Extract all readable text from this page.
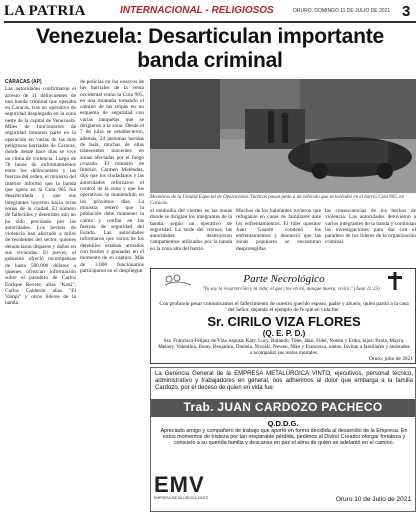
LA PATRIA	INTERNACIONAL - RELIGIOSOS	ORURO, DOMINGO 11 DE JULIO DE 2021 3
Venezuela: Desarticulan importante banda criminal
CARACAS (AP)
Las autoridades confirmaron el arresto de 11 delincuentes de una banda criminal que operaba en Caracas, tras un operativo de seguridad desplegado en la zona oeste de la capital de Venezuela. Miles de funcionarios de seguridad tomaron parte en la operación en varias de las más peligrosas barriadas de Caracas, donde desde hace días se vive un clima de violencia. Luego de 78 horas de enfrentamientos entre los delincuentes y las fuerzas del orden, el ministro del Interior informó que la banda que opera en la Cota 905 fue desarticulada y que sus integrantes huyeron hacia otras zonas de la ciudad. El número de fallecidos y detenidos aún no ha sido precisado por las autoridades. Los hechos de violencia han afectado a miles de residentes del sector, quienes denunciaron disparos y daños en sus viviendas. El jueves, el gobierno ofreció recompensas de hasta 500.000 dólares a quienes ofrezcan información sobre el paradero de Carlos Enrique Revete, alias "Koki", Carlos Calderón alias "El Vampi" y otros líderes de la banda.
de policías en los ensayos de los barriales de la venta occidental como la Cota 905, en una montaña tomando el camino de las tropas en un esquema de seguridad con varias tanquetas que se dirigieron a la zona. Desde el 7 de julio se establecieron, además, 24 personas heridas de bala, muchas de ellas transeúntes inocentes en zonas afectadas por el fuego cruzado. El ministro de Interior, Carmen Meléndez, dijo que los ciudadanos y las autoridades reforzaron el control de la zona y que los operativos se mantendrán en los próximos días. La ministra reiteró que la población debe mantener la calma y confiar en las fuerzas de seguridad del Estado. Las autoridades informaron que varios de los detenidos estaban armados con fusiles y granadas en el momento de su captura. Más de 3.000 funcionarios participaron en el despliegue.
Miembros de la Unidad Especial de Operaciones Tácticas pasan junto a un vehículo que se incendió en el barrio Cota 905, en Caracas.
el mediodía del viernes en las zonas donde se dirigían los integrantes de la banda, según un operativo de seguridad. La tarde del viernes, las autoridades destruyeron campamentos utilizados por la banda en la zona alta del barrio.
Muchos de los habitantes tuvieron que refugiarse en casas de familiares ante los enfrentamientos. El líder opositor Juan Guaidó condenó los enfrentamientos y denunció que las zonas populares se encuentran desprotegidas.
las consecuencias de los hechos de violencia. Las autoridades detuvieron a varios integrantes de la banda y continúan las investigaciones para dar con el paradero de los líderes de la organización criminal.
Parte Necrológico
"Yo soy la resurrección y la vida; el que cree en mí, aunque muera, vivirá." (Juan 11:25)
Con profundo pesar comunicamos el fallecimiento de nuestro querido esposo, padre y abuelo, quien partió a la casa del Señor, dejando el ejemplo de fe que en vida fue:
Sr. CIRILO VIZA FLORES
(Q. E. P. D.)
Sra. Francisca Felipez de Viza, esposa; Katy, Lucy, Rolando, Tobe, Jaku, Fidel, Noemí y Erika, hijos; Paola, Mayra, Melany, Valentina, Jhony, Benjamín, Daniela, Nicolás, Newen, Nike y Francesca, nietos. Invitan a familiares y amistades a acompañar sus restos mortales.
Oruro, julio de 2021
La Gerencia General de la EMPRESA METALÚRGICA VINTO, ejecutivos, personal técnico, administrativo y trabajadores en general, nos adherimos al dolor que embarga a la familia Cardozo, por el deceso de quien en vida fue:
Trab. JUAN CARDOZO PACHECO
Q.D.D.G.
Apreciado amigo y compañero de trabajo que aportó en forma decidida al desarrollo de la Empresa. En estos momentos de tristeza por tan irreparable pérdida, pedimos al Divino Creador otorgar fortaleza y consuelo a su querida familia y descanse en paz el alma de quien se adelantó en el camino.
EMV
EMPRESA METALÚRGICA VINTO	Oruro 10 de Julio de 2021
